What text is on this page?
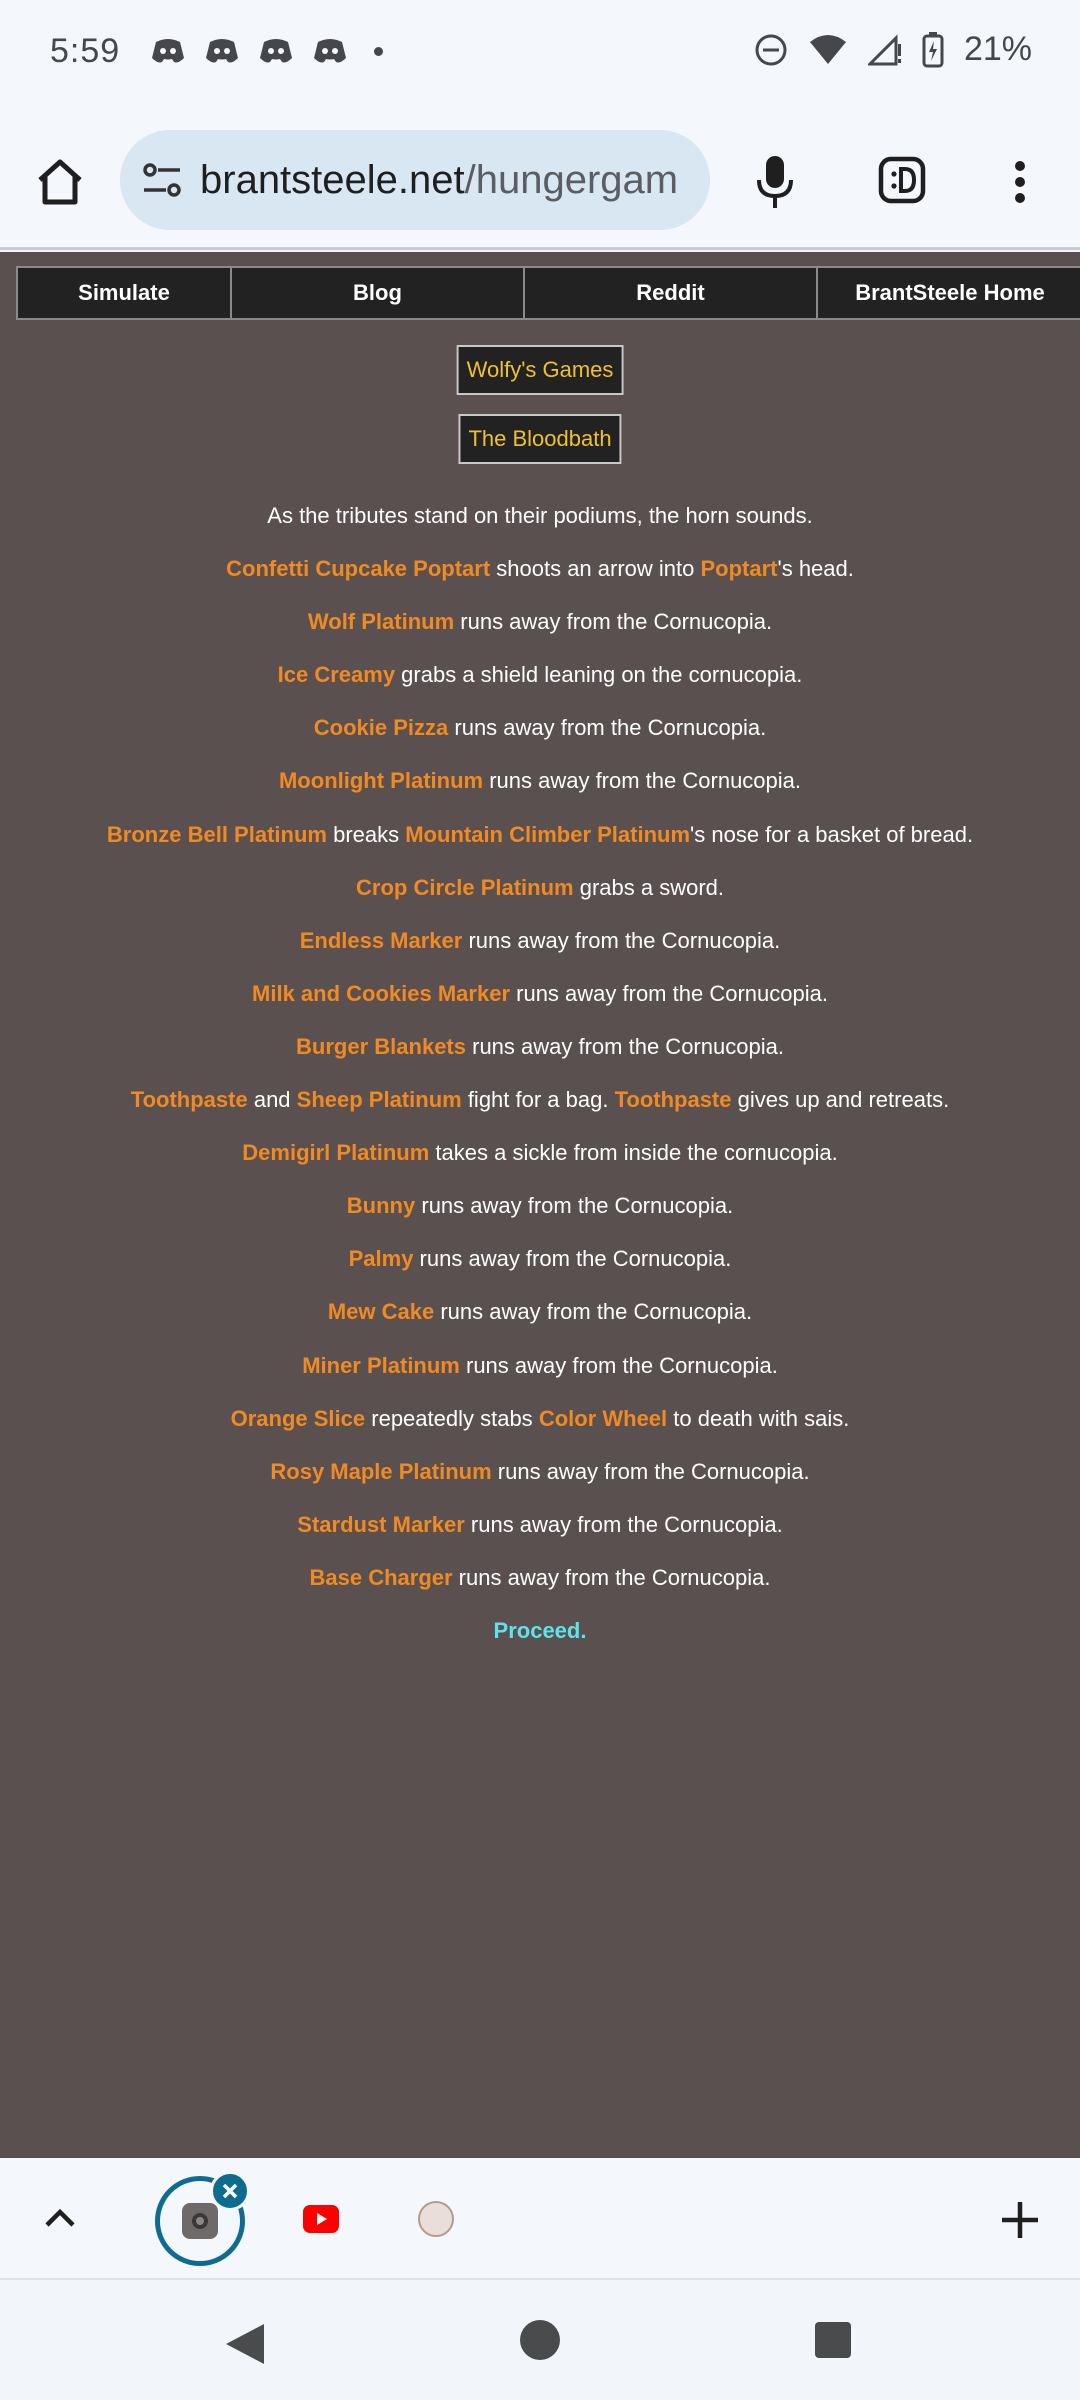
5:59	21%
brantsteele.net/hungergam
Simulate	Blog	Reddit	BrantSteele Home
Wolfy's Games
The Bloodbath
As the tributes stand on their podiums, the horn sounds.
Confetti Cupcake Poptart shoots an arrow into Poptart's head.
Wolf Platinum runs away from the Cornucopia.
Ice Creamy grabs a shield leaning on the cornucopia.
Cookie Pizza runs away from the Cornucopia.
Moonlight Platinum runs away from the Cornucopia.
Bronze Bell Platinum breaks Mountain Climber Platinum's nose for a basket of bread.
Crop Circle Platinum grabs a sword.
Endless Marker runs away from the Cornucopia.
Milk and Cookies Marker runs away from the Cornucopia.
Burger Blankets runs away from the Cornucopia.
Toothpaste and Sheep Platinum fight for a bag. Toothpaste gives up and retreats.
Demigirl Platinum takes a sickle from inside the cornucopia.
Bunny runs away from the Cornucopia.
Palmy runs away from the Cornucopia.
Mew Cake runs away from the Cornucopia.
Miner Platinum runs away from the Cornucopia.
Orange Slice repeatedly stabs Color Wheel to death with sais.
Rosy Maple Platinum runs away from the Cornucopia.
Stardust Marker runs away from the Cornucopia.
Base Charger runs away from the Cornucopia.
Proceed.
